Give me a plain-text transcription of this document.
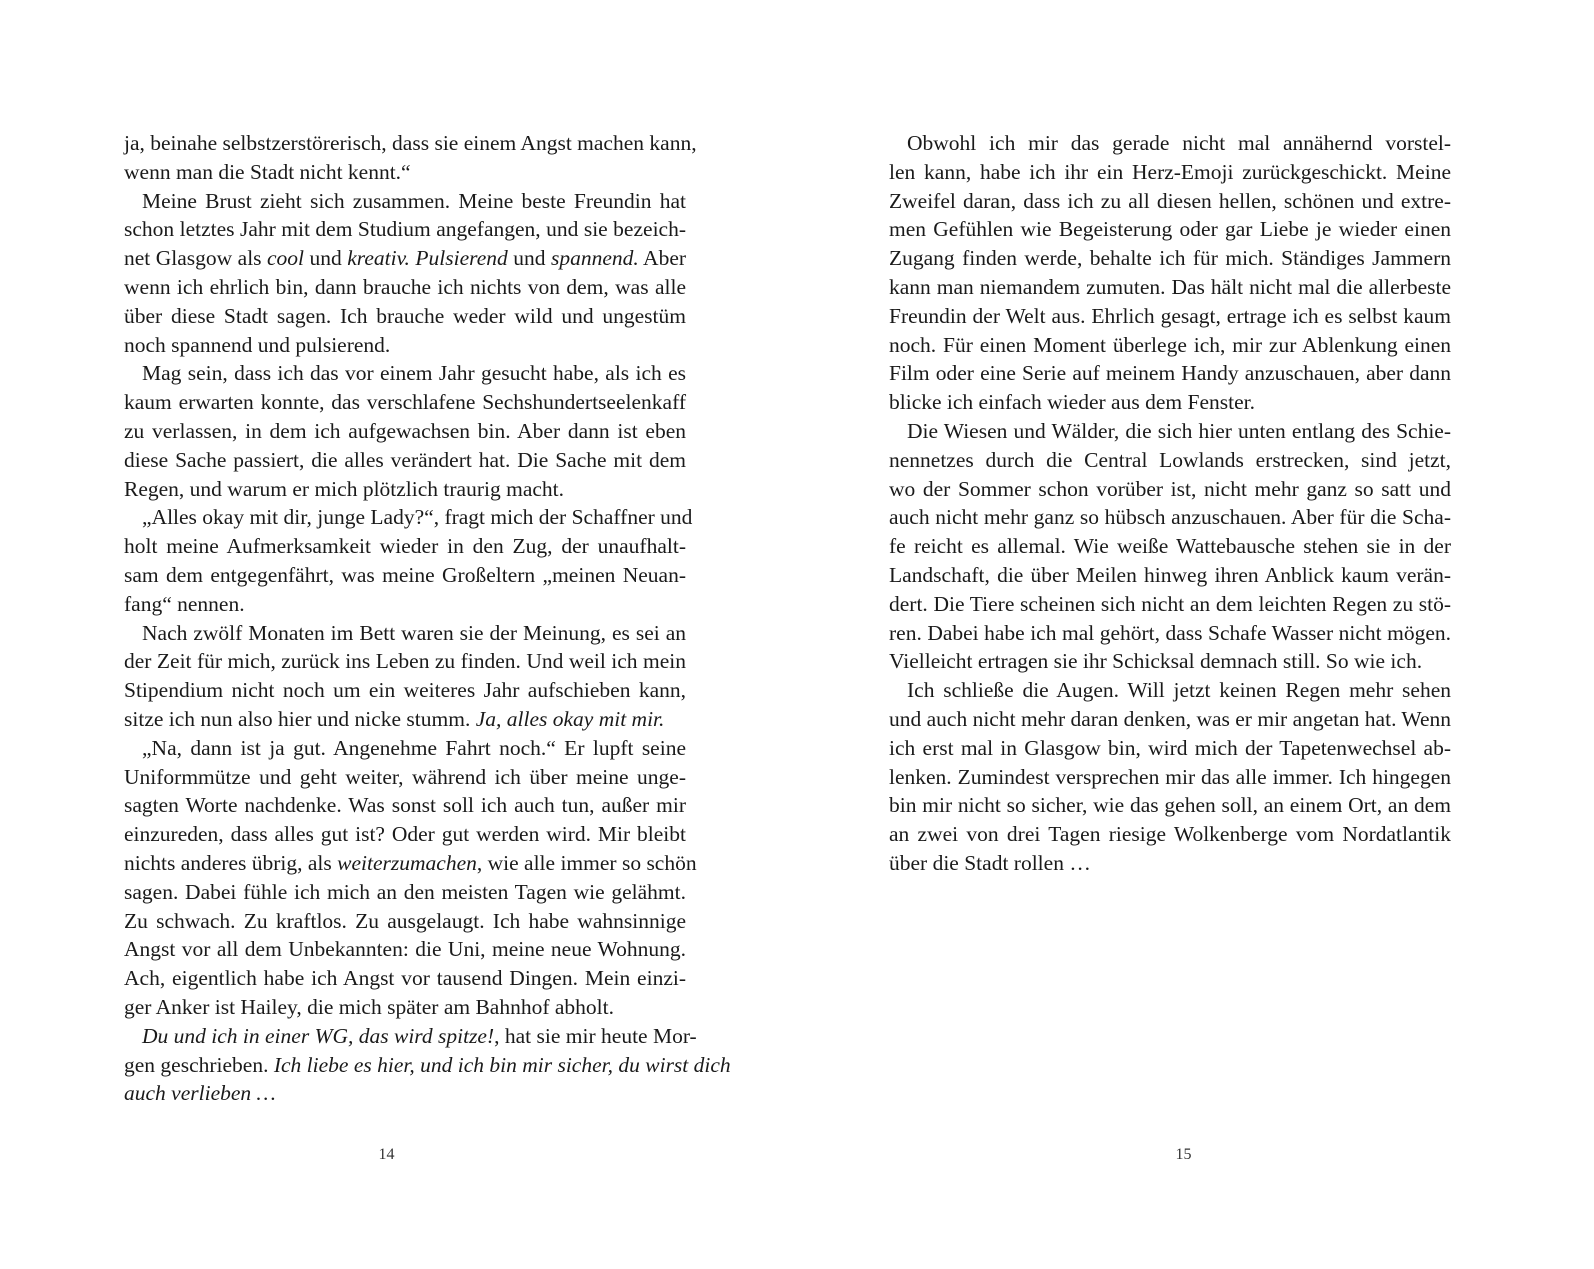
ja, beinahe selbstzerstörerisch, dass sie einem Angst machen kann,
wenn man die Stadt nicht kennt.“
Meine Brust zieht sich zusammen. Meine beste Freundin hat
schon letztes Jahr mit dem Studium angefangen, und sie bezeich-
net Glasgow als cool und kreativ. Pulsierend und spannend. Aber
wenn ich ehrlich bin, dann brauche ich nichts von dem, was alle
über diese Stadt sagen. Ich brauche weder wild und ungestüm
noch spannend und pulsierend.
Mag sein, dass ich das vor einem Jahr gesucht habe, als ich es
kaum erwarten konnte, das verschlafene Sechshundertseelenkaff
zu verlassen, in dem ich aufgewachsen bin. Aber dann ist eben
diese Sache passiert, die alles verändert hat. Die Sache mit dem
Regen, und warum er mich plötzlich traurig macht.
„Alles okay mit dir, junge Lady?“, fragt mich der Schaffner und
holt meine Aufmerksamkeit wieder in den Zug, der unaufhalt-
sam dem entgegenfährt, was meine Großeltern „meinen Neuan-
fang“ nennen.
Nach zwölf Monaten im Bett waren sie der Meinung, es sei an
der Zeit für mich, zurück ins Leben zu finden. Und weil ich mein
Stipendium nicht noch um ein weiteres Jahr aufschieben kann,
sitze ich nun also hier und nicke stumm. Ja, alles okay mit mir.
„Na, dann ist ja gut. Angenehme Fahrt noch.“ Er lupft seine
Uniformmütze und geht weiter, während ich über meine unge-
sagten Worte nachdenke. Was sonst soll ich auch tun, außer mir
einzureden, dass alles gut ist? Oder gut werden wird. Mir bleibt
nichts anderes übrig, als weiterzumachen, wie alle immer so schön
sagen. Dabei fühle ich mich an den meisten Tagen wie gelähmt.
Zu schwach. Zu kraftlos. Zu ausgelaugt. Ich habe wahnsinnige
Angst vor all dem Unbekannten: die Uni, meine neue Wohnung.
Ach, eigentlich habe ich Angst vor tausend Dingen. Mein einzi-
ger Anker ist Hailey, die mich später am Bahnhof abholt.
Du und ich in einer WG, das wird spitze!, hat sie mir heute Mor-
gen geschrieben. Ich liebe es hier, und ich bin mir sicher, du wirst dich
auch verlieben …
14
Obwohl ich mir das gerade nicht mal annähernd vorstel-
len kann, habe ich ihr ein Herz-Emoji zurückgeschickt. Meine
Zweifel daran, dass ich zu all diesen hellen, schönen und extre-
men Gefühlen wie Begeisterung oder gar Liebe je wieder einen
Zugang finden werde, behalte ich für mich. Ständiges Jammern
kann man niemandem zumuten. Das hält nicht mal die allerbeste
Freundin der Welt aus. Ehrlich gesagt, ertrage ich es selbst kaum
noch. Für einen Moment überlege ich, mir zur Ablenkung einen
Film oder eine Serie auf meinem Handy anzuschauen, aber dann
blicke ich einfach wieder aus dem Fenster.
Die Wiesen und Wälder, die sich hier unten entlang des Schie-
nennetzes durch die Central Lowlands erstrecken, sind jetzt,
wo der Sommer schon vorüber ist, nicht mehr ganz so satt und
auch nicht mehr ganz so hübsch anzuschauen. Aber für die Scha-
fe reicht es allemal. Wie weiße Wattebausche stehen sie in der
Landschaft, die über Meilen hinweg ihren Anblick kaum verän-
dert. Die Tiere scheinen sich nicht an dem leichten Regen zu stö-
ren. Dabei habe ich mal gehört, dass Schafe Wasser nicht mögen.
Vielleicht ertragen sie ihr Schicksal demnach still. So wie ich.
Ich schließe die Augen. Will jetzt keinen Regen mehr sehen
und auch nicht mehr daran denken, was er mir angetan hat. Wenn
ich erst mal in Glasgow bin, wird mich der Tapetenwechsel ab-
lenken. Zumindest versprechen mir das alle immer. Ich hingegen
bin mir nicht so sicher, wie das gehen soll, an einem Ort, an dem
an zwei von drei Tagen riesige Wolkenberge vom Nordatlantik
über die Stadt rollen …
15
